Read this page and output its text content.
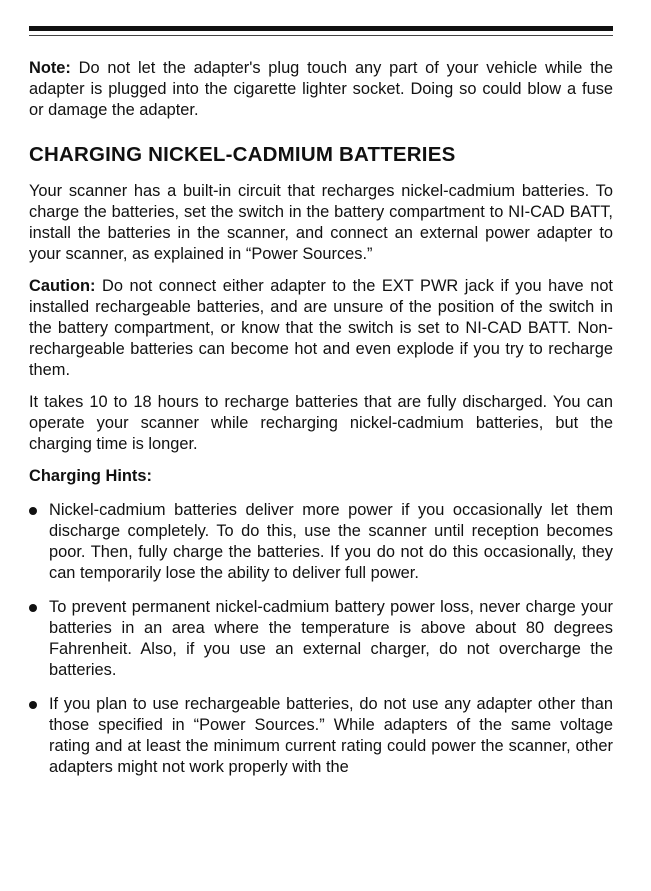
Note: Do not let the adapter's plug touch any part of your vehicle while the adapter is plugged into the cigarette lighter socket. Doing so could blow a fuse or damage the adapter.

CHARGING NICKEL-CADMIUM BATTERIES

Your scanner has a built-in circuit that recharges nickel-cadmium batteries. To charge the batteries, set the switch in the battery compartment to NI-CAD BATT, install the batteries in the scanner, and connect an external power adapter to your scanner, as explained in “Power Sources.”

Caution: Do not connect either adapter to the EXT PWR jack if you have not installed rechargeable batteries, and are unsure of the position of the switch in the battery compartment, or know that the switch is set to NI-CAD BATT. Non-rechargeable batteries can become hot and even explode if you try to recharge them.

It takes 10 to 18 hours to recharge batteries that are fully discharged. You can operate your scanner while recharging nickel-cadmium batteries, but the charging time is longer.

Charging Hints:

Nickel-cadmium batteries deliver more power if you occasionally let them discharge completely. To do this, use the scanner until reception becomes poor. Then, fully charge the batteries. If you do not do this occasionally, they can temporarily lose the ability to deliver full power.

To prevent permanent nickel-cadmium battery power loss, never charge your batteries in an area where the temperature is above about 80 degrees Fahrenheit. Also, if you use an external charger, do not overcharge the batteries.

If you plan to use rechargeable batteries, do not use any adapter other than those specified in “Power Sources.” While adapters of the same voltage rating and at least the minimum current rating could power the scanner, other adapters might not work properly with the
